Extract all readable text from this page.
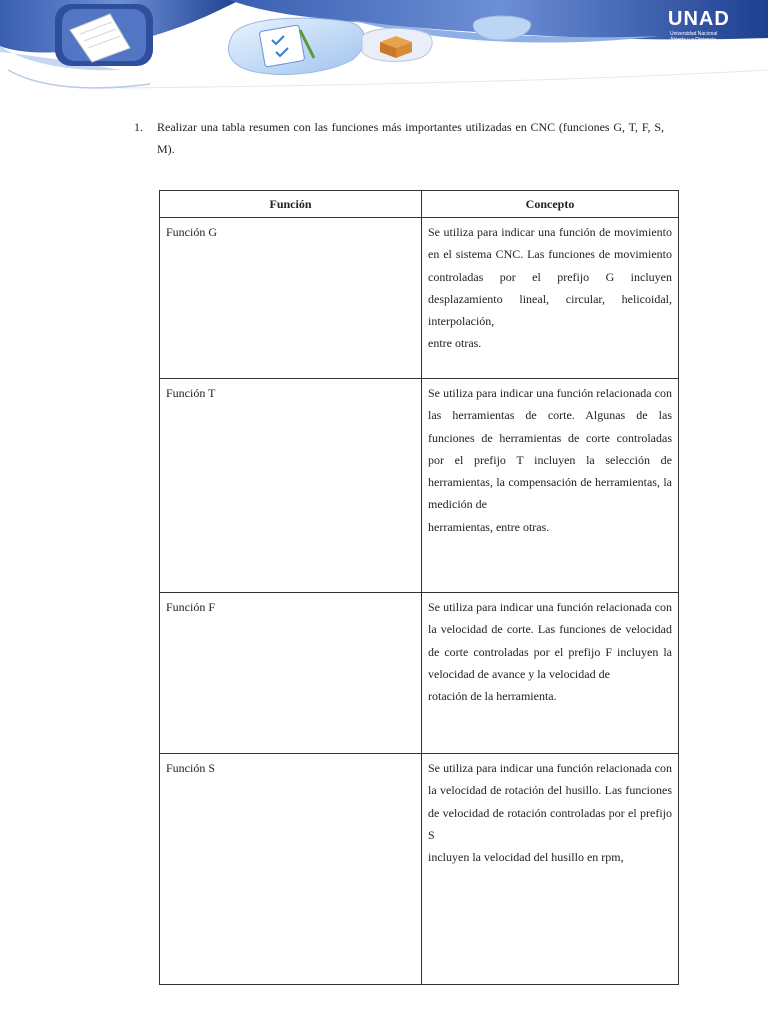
UNAD
Universidad Nacional
Abierta y a Distancia
1. Realizar una tabla resumen con las funciones más importantes utilizadas en CNC (funciones G, T, F, S, M).
Función	Concepto
Función G	Se utiliza para indicar una función de movimiento en el sistema CNC. Las funciones de movimiento controladas por el prefijo G incluyen desplazamiento lineal, circular, helicoidal, interpolación,
entre otras.

Función T	Se utiliza para indicar una función relacionada con las herramientas de corte. Algunas de las funciones de herramientas de corte controladas por el prefijo T incluyen la selección de herramientas, la compensación de herramientas, la medición de
herramientas, entre otras.

Función F	Se utiliza para indicar una función relacionada con la velocidad de corte. Las funciones de velocidad de corte controladas por el prefijo F incluyen la velocidad de avance y la velocidad de
rotación de la herramienta.

Función S	Se utiliza para indicar una función relacionada con la velocidad de rotación del husillo. Las funciones de velocidad de rotación controladas por el prefijo S
incluyen la velocidad del husillo en rpm,
